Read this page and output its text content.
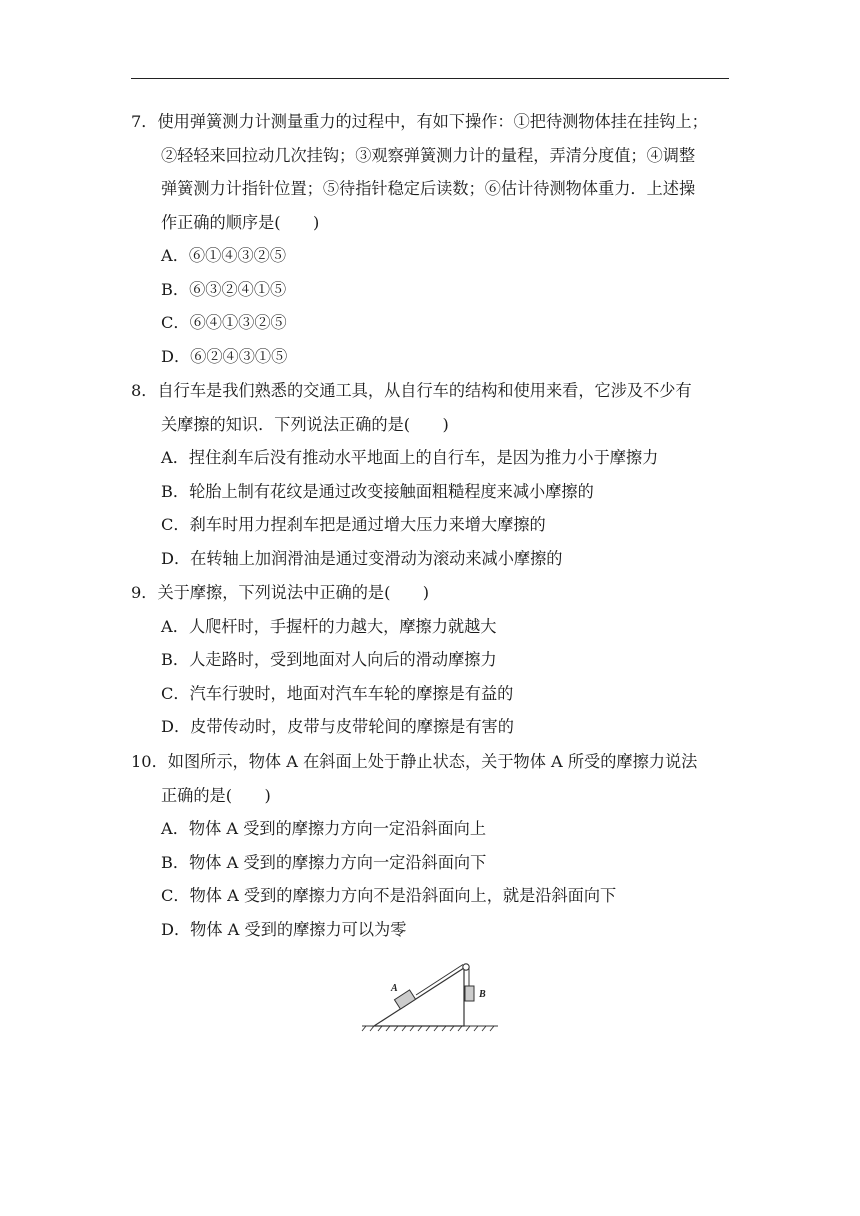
7．使用弹簧测力计测量重力的过程中，有如下操作：①把待测物体挂在挂钩上；
②轻轻来回拉动几次挂钩；③观察弹簧测力计的量程，弄清分度值；④调整
弹簧测力计指针位置；⑤待指针稳定后读数；⑥估计待测物体重力．上述操
作正确的顺序是(　　)
A．⑥①④③②⑤
B．⑥③②④①⑤
C．⑥④①③②⑤
D．⑥②④③①⑤
8．自行车是我们熟悉的交通工具，从自行车的结构和使用来看，它涉及不少有
关摩擦的知识．下列说法正确的是(　　)
A．捏住刹车后没有推动水平地面上的自行车，是因为推力小于摩擦力
B．轮胎上制有花纹是通过改变接触面粗糙程度来减小摩擦的
C．刹车时用力捏刹车把是通过增大压力来增大摩擦的
D．在转轴上加润滑油是通过变滑动为滚动来减小摩擦的
9．关于摩擦，下列说法中正确的是(　　)
A．人爬杆时，手握杆的力越大，摩擦力就越大
B．人走路时，受到地面对人向后的滑动摩擦力
C．汽车行驶时，地面对汽车车轮的摩擦是有益的
D．皮带传动时，皮带与皮带轮间的摩擦是有害的
10．如图所示，物体 A 在斜面上处于静止状态，关于物体 A 所受的摩擦力说法
正确的是(　　)
A．物体 A 受到的摩擦力方向一定沿斜面向上
B．物体 A 受到的摩擦力方向一定沿斜面向下
C．物体 A 受到的摩擦力方向不是沿斜面向上，就是沿斜面向下
D．物体 A 受到的摩擦力可以为零
A
B
